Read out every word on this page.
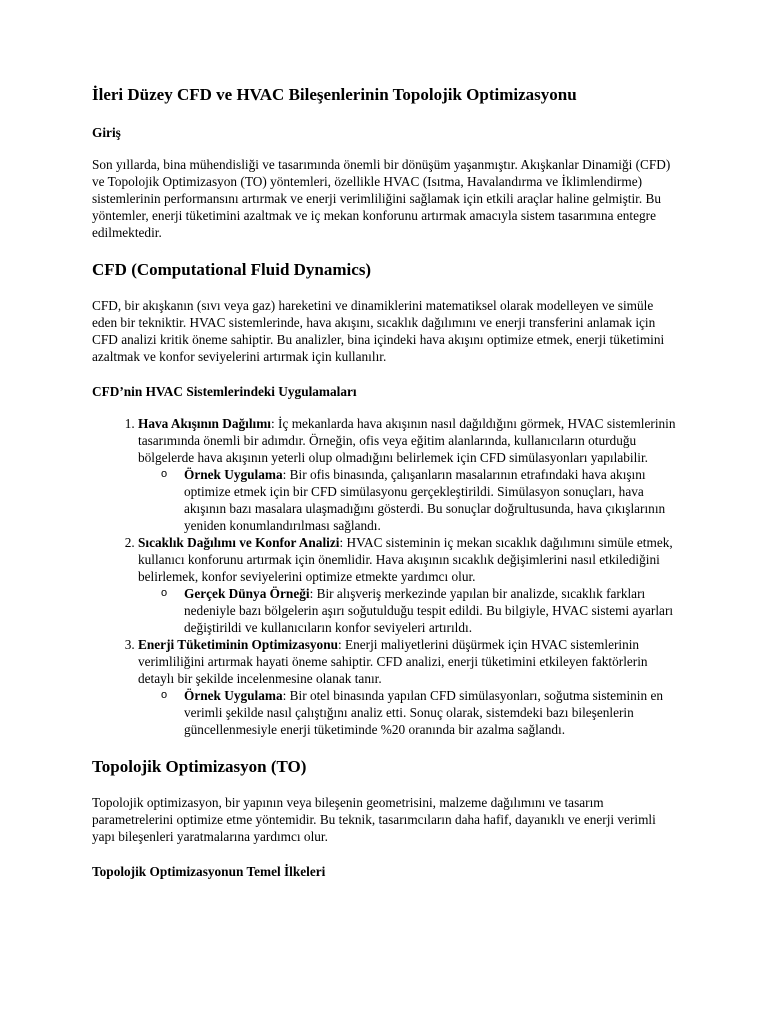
İleri Düzey CFD ve HVAC Bileşenlerinin Topolojik Optimizasyonu
Giriş

Son yıllarda, bina mühendisliği ve tasarımında önemli bir dönüşüm yaşanmıştır. Akışkanlar Dinamiği (CFD) ve Topolojik Optimizasyon (TO) yöntemleri, özellikle HVAC (Isıtma, Havalandırma ve İklimlendirme) sistemlerinin performansını artırmak ve enerji verimliliğini sağlamak için etkili araçlar haline gelmiştir. Bu yöntemler, enerji tüketimini azaltmak ve iç mekan konforunu artırmak amacıyla sistem tasarımına entegre edilmektedir.

CFD (Computational Fluid Dynamics)

CFD, bir akışkanın (sıvı veya gaz) hareketini ve dinamiklerini matematiksel olarak modelleyen ve simüle eden bir tekniktir. HVAC sistemlerinde, hava akışını, sıcaklık dağılımını ve enerji transferini anlamak için CFD analizi kritik öneme sahiptir. Bu analizler, bina içindeki hava akışını optimize etmek, enerji tüketimini azaltmak ve konfor seviyelerini artırmak için kullanılır.

CFD’nin HVAC Sistemlerindeki Uygulamaları
1. Hava Akışının Dağılımı: İç mekanlarda hava akışının nasıl dağıldığını görmek, HVAC sistemlerinin tasarımında önemli bir adımdır. Örneğin, ofis veya eğitim alanlarında, kullanıcıların oturduğu bölgelerde hava akışının yeterli olup olmadığını belirlemek için CFD simülasyonları yapılabilir.
o Örnek Uygulama: Bir ofis binasında, çalışanların masalarının etrafındaki hava akışını optimize etmek için bir CFD simülasyonu gerçekleştirildi. Simülasyon sonuçları, hava akışının bazı masalara ulaşmadığını gösterdi. Bu sonuçlar doğrultusunda, hava çıkışlarının yeniden konumlandırılması sağlandı.
2. Sıcaklık Dağılımı ve Konfor Analizi: HVAC sisteminin iç mekan sıcaklık dağılımını simüle etmek, kullanıcı konforunu artırmak için önemlidir. Hava akışının sıcaklık değişimlerini nasıl etkilediğini belirlemek, konfor seviyelerini optimize etmekte yardımcı olur.
o Gerçek Dünya Örneği: Bir alışveriş merkezinde yapılan bir analizde, sıcaklık farkları nedeniyle bazı bölgelerin aşırı soğutulduğu tespit edildi. Bu bilgiyle, HVAC sistemi ayarları değiştirildi ve kullanıcıların konfor seviyeleri artırıldı.
3. Enerji Tüketiminin Optimizasyonu: Enerji maliyetlerini düşürmek için HVAC sistemlerinin verimliliğini artırmak hayati öneme sahiptir. CFD analizi, enerji tüketimini etkileyen faktörlerin detaylı bir şekilde incelenmesine olanak tanır.
o Örnek Uygulama: Bir otel binasında yapılan CFD simülasyonları, soğutma sisteminin en verimli şekilde nasıl çalıştığını analiz etti. Sonuç olarak, sistemdeki bazı bileşenlerin güncellenmesiyle enerji tüketiminde %20 oranında bir azalma sağlandı.
Topolojik Optimizasyon (TO)

Topolojik optimizasyon, bir yapının veya bileşenin geometrisini, malzeme dağılımını ve tasarım parametrelerini optimize etme yöntemidir. Bu teknik, tasarımcıların daha hafif, dayanıklı ve enerji verimli yapı bileşenleri yaratmalarına yardımcı olur.

Topolojik Optimizasyonun Temel İlkeleri
